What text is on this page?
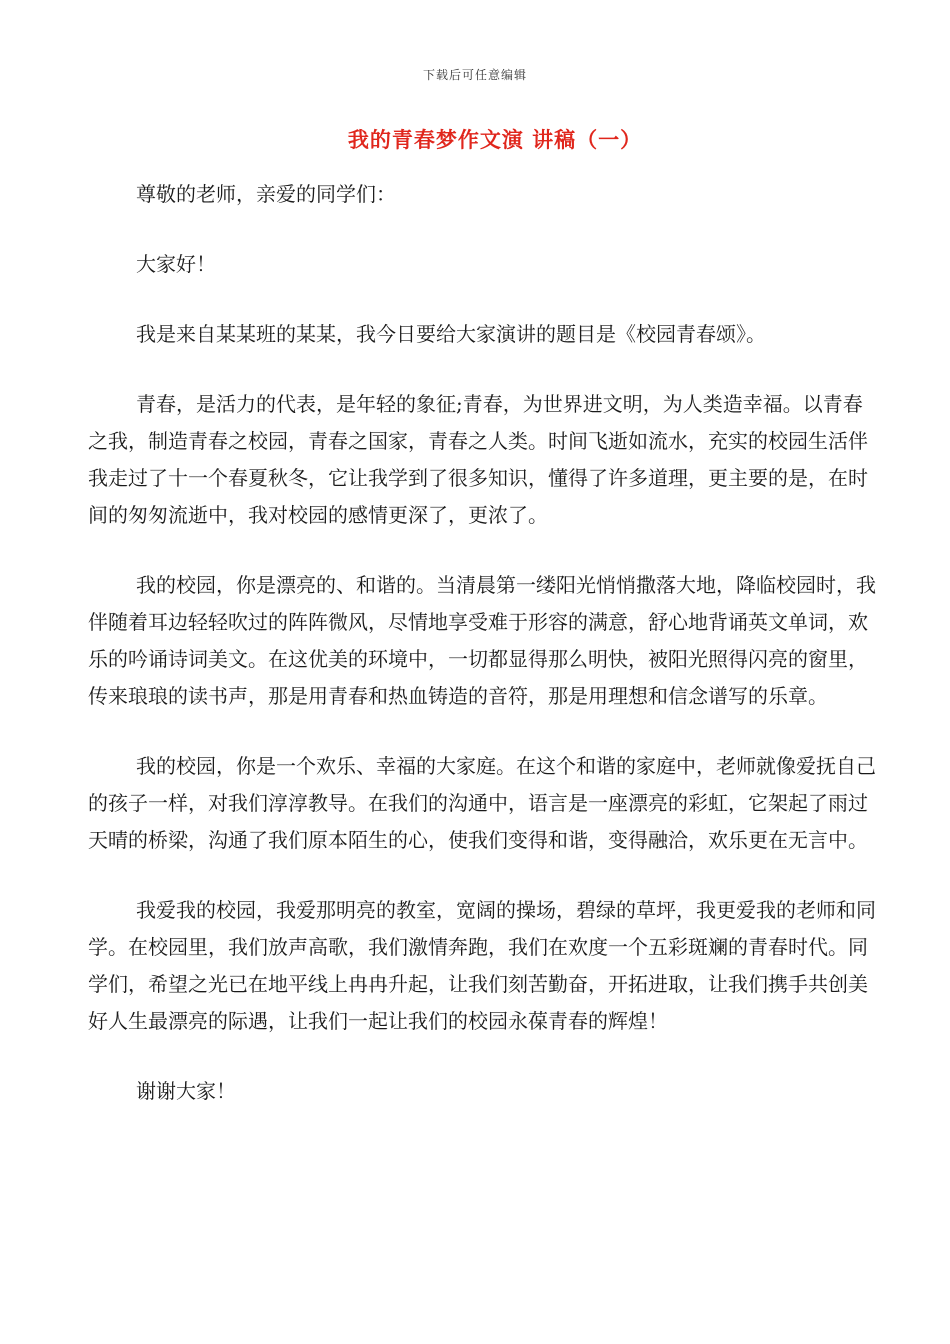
下载后可任意编辑
我的青春梦作文演 讲稿（一）

尊敬的老师，亲爱的同学们：

大家好！

我是来自某某班的某某，我今日要给大家演讲的题目是《校园青春颂》。

青春，是活力的代表，是年轻的象征;青春，为世界进文明，为人类造幸福。以青春之我，制造青春之校园，青春之国家，青春之人类。时间飞逝如流水，充实的校园生活伴我走过了十一个春夏秋冬，它让我学到了很多知识，懂得了许多道理，更主要的是，在时间的匆匆流逝中，我对校园的感情更深了，更浓了。

我的校园，你是漂亮的、和谐的。当清晨第一缕阳光悄悄撒落大地，降临校园时，我伴随着耳边轻轻吹过的阵阵微风，尽情地享受难于形容的满意，舒心地背诵英文单词，欢乐的吟诵诗词美文。在这优美的环境中，一切都显得那么明快，被阳光照得闪亮的窗里，传来琅琅的读书声，那是用青春和热血铸造的音符，那是用理想和信念谱写的乐章。

我的校园，你是一个欢乐、幸福的大家庭。在这个和谐的家庭中，老师就像爱抚自己的孩子一样，对我们淳淳教导。在我们的沟通中，语言是一座漂亮的彩虹，它架起了雨过天晴的桥梁，沟通了我们原本陌生的心，使我们变得和谐，变得融洽，欢乐更在无言中。

我爱我的校园，我爱那明亮的教室，宽阔的操场，碧绿的草坪，我更爱我的老师和同学。在校园里，我们放声高歌，我们激情奔跑，我们在欢度一个五彩斑斓的青春时代。同学们，希望之光已在地平线上冉冉升起，让我们刻苦勤奋，开拓进取，让我们携手共创美好人生最漂亮的际遇，让我们一起让我们的校园永葆青春的辉煌！

谢谢大家！
